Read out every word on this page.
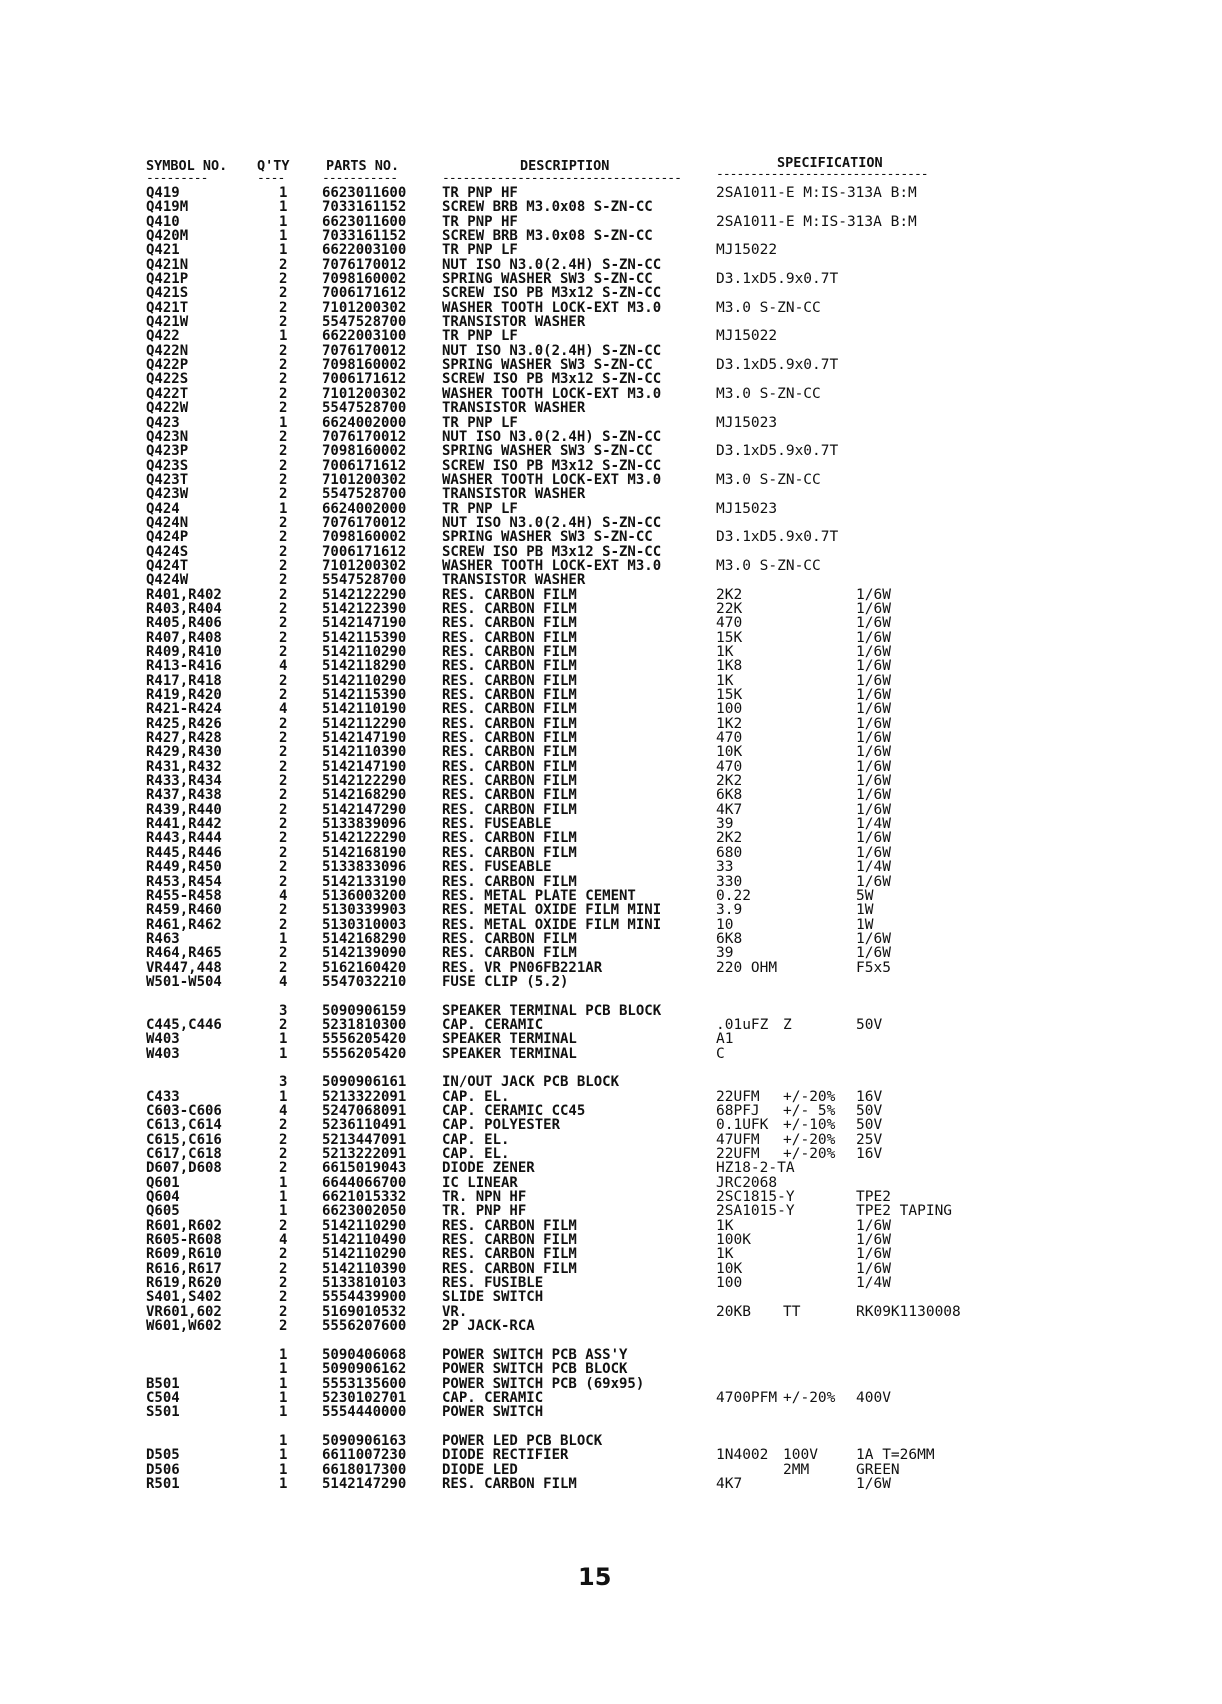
SYMBOL NO. Q'TY	PARTS NO.	DESCRIPTION	SPECIFICATION
---------	----	-----------	-----------------------------------	-------------------------------
Q419	1 6623011600	TR PNP HF	2SA1011-E M:IS-313A B:M
Q419M	1 7033161152	SCREW BRB M3.0x08 S-ZN-CC
Q410	1 6623011600	TR PNP HF	2SA1011-E M:IS-313A B:M
Q420M	1 7033161152	SCREW BRB M3.0x08 S-ZN-CC
Q421	1 6622003100	TR PNP LF	MJ15022
Q421N	2 7076170012	NUT ISO N3.0(2.4H) S-ZN-CC
Q421P	2 7098160002	SPRING WASHER SW3 S-ZN-CC	D3.1xD5.9x0.7T
Q421S	2 7006171612	SCREW ISO PB M3x12 S-ZN-CC
Q421T	2 7101200302	WASHER TOOTH LOCK-EXT M3.0	M3.0 S-ZN-CC
Q421W	2 5547528700	TRANSISTOR WASHER
Q422	1 6622003100	TR PNP LF	MJ15022
Q422N	2 7076170012	NUT ISO N3.0(2.4H) S-ZN-CC
Q422P	2 7098160002	SPRING WASHER SW3 S-ZN-CC	D3.1xD5.9x0.7T
Q422S	2 7006171612	SCREW ISO PB M3x12 S-ZN-CC
Q422T	2 7101200302	WASHER TOOTH LOCK-EXT M3.0	M3.0 S-ZN-CC
Q422W	2 5547528700	TRANSISTOR WASHER
Q423	1 6624002000	TR PNP LF	MJ15023
Q423N	2 7076170012	NUT ISO N3.0(2.4H) S-ZN-CC
Q423P	2 7098160002	SPRING WASHER SW3 S-ZN-CC	D3.1xD5.9x0.7T
Q423S	2 7006171612	SCREW ISO PB M3x12 S-ZN-CC
Q423T	2 7101200302	WASHER TOOTH LOCK-EXT M3.0	M3.0 S-ZN-CC
Q423W	2 5547528700	TRANSISTOR WASHER
Q424	1 6624002000	TR PNP LF	MJ15023
Q424N	2 7076170012	NUT ISO N3.0(2.4H) S-ZN-CC
Q424P	2 7098160002	SPRING WASHER SW3 S-ZN-CC	D3.1xD5.9x0.7T
Q424S	2 7006171612	SCREW ISO PB M3x12 S-ZN-CC
Q424T	2 7101200302	WASHER TOOTH LOCK-EXT M3.0	M3.0 S-ZN-CC
Q424W	2 5547528700	TRANSISTOR WASHER
R401,R402	2 5142122290	RES. CARBON FILM	2K2	1/6W
R403,R404	2 5142122390	RES. CARBON FILM	22K	1/6W
R405,R406	2 5142147190	RES. CARBON FILM	470	1/6W
R407,R408	2 5142115390	RES. CARBON FILM	15K	1/6W
R409,R410	2 5142110290	RES. CARBON FILM	1K	1/6W
R413-R416	4 5142118290	RES. CARBON FILM	1K8	1/6W
R417,R418	2 5142110290	RES. CARBON FILM	1K	1/6W
R419,R420	2 5142115390	RES. CARBON FILM	15K	1/6W
R421-R424	4 5142110190	RES. CARBON FILM	100	1/6W
R425,R426	2 5142112290	RES. CARBON FILM	1K2	1/6W
R427,R428	2 5142147190	RES. CARBON FILM	470	1/6W
R429,R430	2 5142110390	RES. CARBON FILM	10K	1/6W
R431,R432	2 5142147190	RES. CARBON FILM	470	1/6W
R433,R434	2 5142122290	RES. CARBON FILM	2K2	1/6W
R437,R438	2 5142168290	RES. CARBON FILM	6K8	1/6W
R439,R440	2 5142147290	RES. CARBON FILM	4K7	1/6W
R441,R442	2 5133839096	RES. FUSEABLE	39	1/4W
R443,R444	2 5142122290	RES. CARBON FILM	2K2	1/6W
R445,R446	2 5142168190	RES. CARBON FILM	680	1/6W
R449,R450	2 5133833096	RES. FUSEABLE	33	1/4W
R453,R454	2 5142133190	RES. CARBON FILM	330	1/6W
R455-R458	4 5136003200	RES. METAL PLATE CEMENT	0.22	5W
R459,R460	2 5130339903	RES. METAL OXIDE FILM MINI	3.9	1W
R461,R462	2 5130310003	RES. METAL OXIDE FILM MINI	10	1W
R463	1 5142168290	RES. CARBON FILM	6K8	1/6W
R464,R465	2 5142139090	RES. CARBON FILM	39	1/6W
VR447,448	2 5162160420	RES. VR PN06FB221AR	220 OHM	F5x5
W501-W504	4 5547032210	FUSE CLIP (5.2)
3 5090906159	SPEAKER TERMINAL PCB BLOCK
C445,C446	2 5231810300	CAP. CERAMIC	.01uFZ Z	50V
W403	1 5556205420	SPEAKER TERMINAL	A1
W403	1 5556205420	SPEAKER TERMINAL	C
3 5090906161	IN/OUT JACK PCB BLOCK
C433	1 5213322091	CAP. EL.	22UFM +/-20% 16V
C603-C606	4 5247068091	CAP. CERAMIC CC45	68PFJ +/- 5% 50V
C613,C614	2 5236110491	CAP. POLYESTER	0.1UFK +/-10% 50V
C615,C616	2 5213447091	CAP. EL.	47UFM +/-20% 25V
C617,C618	2 5213222091	CAP. EL.	22UFM +/-20% 16V
D607,D608	2 6615019043	DIODE ZENER	HZ18-2-TA
Q601	1 6644066700	IC LINEAR	JRC2068
Q604	1 6621015332	TR. NPN HF	2SC1815-Y	TPE2
Q605	1 6623002050	TR. PNP HF	2SA1015-Y	TPE2 TAPING
R601,R602	2 5142110290	RES. CARBON FILM	1K	1/6W
R605-R608	4 5142110490	RES. CARBON FILM	100K	1/6W
R609,R610	2 5142110290	RES. CARBON FILM	1K	1/6W
R616,R617	2 5142110390	RES. CARBON FILM	10K	1/6W
R619,R620	2 5133810103	RES. FUSIBLE	100	1/4W
S401,S402	2 5554439900	SLIDE SWITCH
VR601,602	2 5169010532	VR.	20KB TT	RK09K1130008
W601,W602	2 5556207600	2P JACK-RCA
1 5090406068	POWER SWITCH PCB ASS'Y
1 5090906162	POWER SWITCH PCB BLOCK
B501	1 5553135600	POWER SWITCH PCB (69x95)
C504	1 5230102701	CAP. CERAMIC	4700PFM +/-20% 400V
S501	1 5554440000	POWER SWITCH
1 5090906163	POWER LED PCB BLOCK
D505	1 6611007230	DIODE RECTIFIER	1N4002 100V	1A T=26MM
D506	1 6618017300	DIODE LED	2MM	GREEN
R501	1 5142147290	RES. CARBON FILM	4K7	1/6W
15
